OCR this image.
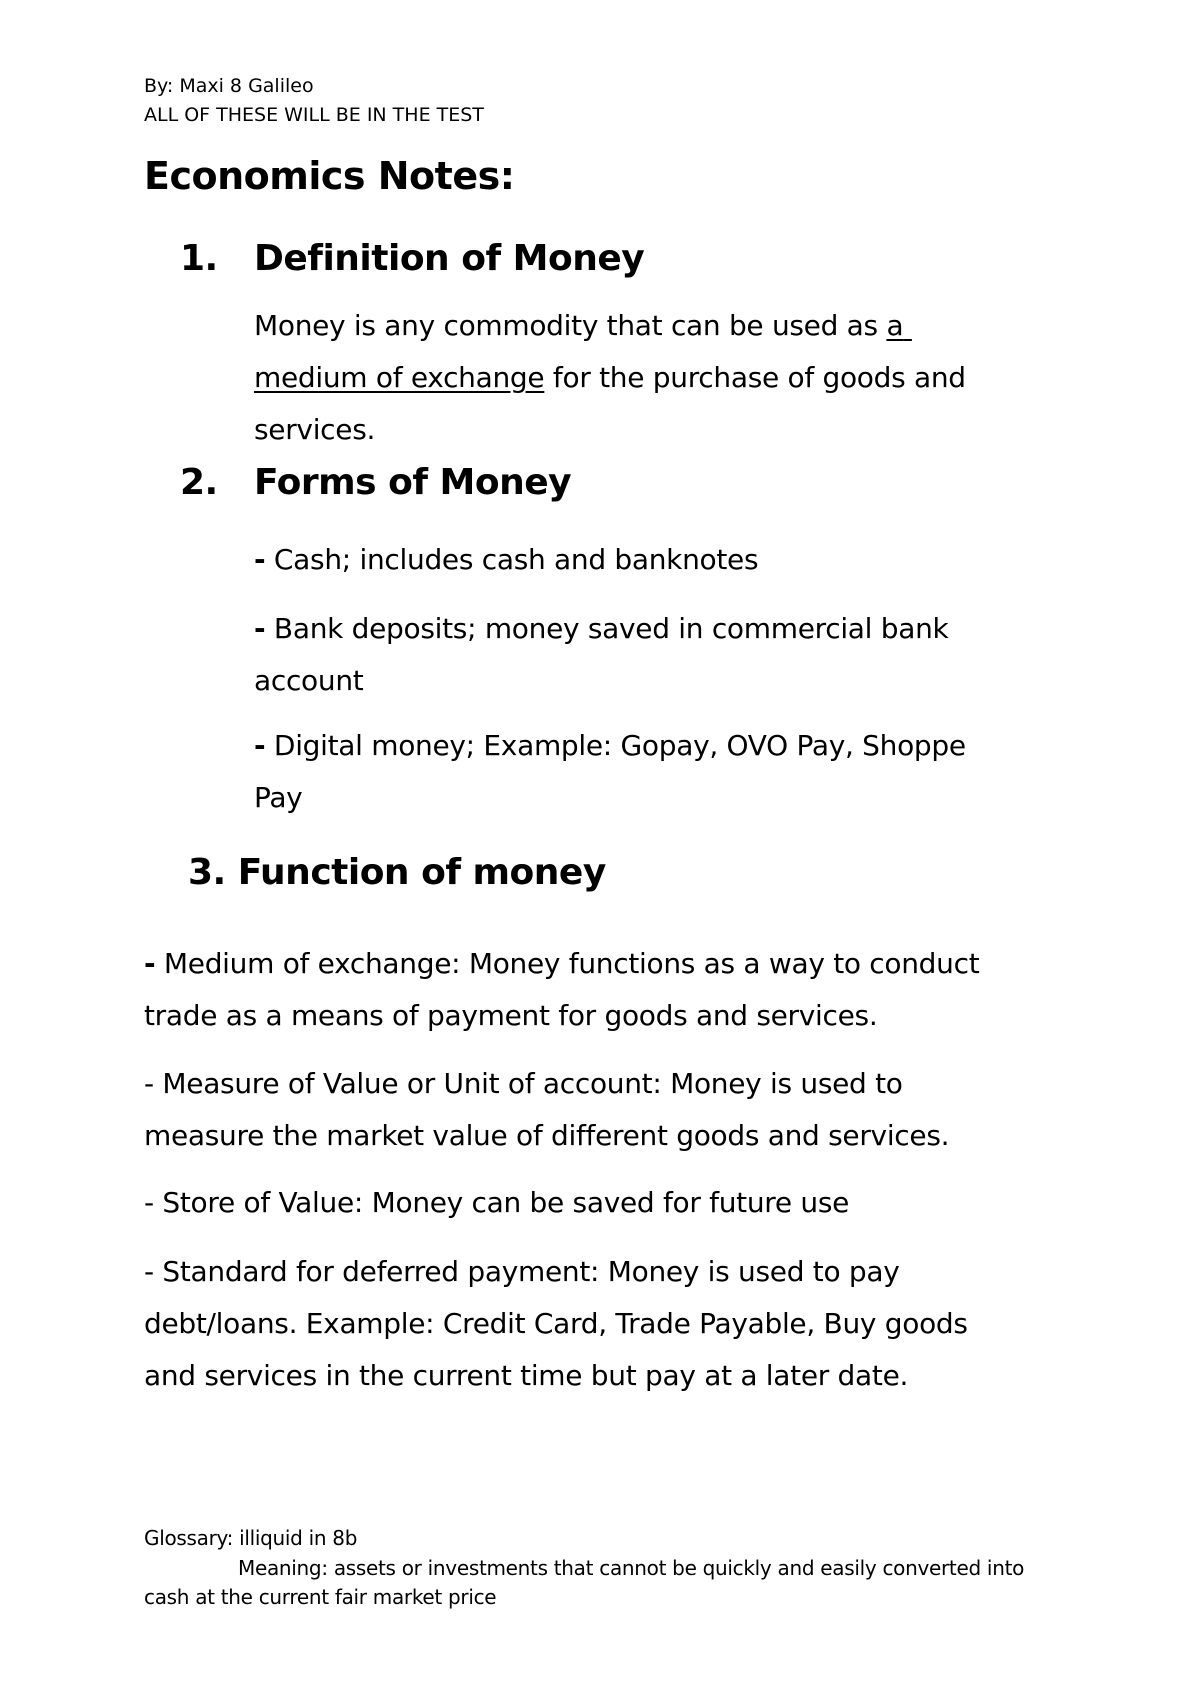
By: Maxi 8 Galileo
ALL OF THESE WILL BE IN THE TEST
Economics Notes:
1. Definition of Money
Money is any commodity that can be used as a
medium of exchange for the purchase of goods and
services.
2. Forms of Money
- Cash; includes cash and banknotes
- Bank deposits; money saved in commercial bank
account
- Digital money; Example: Gopay, OVO Pay, Shoppe
Pay
3. Function of money
- Medium of exchange: Money functions as a way to conduct
trade as a means of payment for goods and services.
- Measure of Value or Unit of account: Money is used to
measure the market value of different goods and services.
- Store of Value: Money can be saved for future use
- Standard for deferred payment: Money is used to pay
debt/loans. Example: Credit Card, Trade Payable, Buy goods
and services in the current time but pay at a later date.
Glossary: illiquid in 8b
Meaning: assets or investments that cannot be quickly and easily converted into
cash at the current fair market price
